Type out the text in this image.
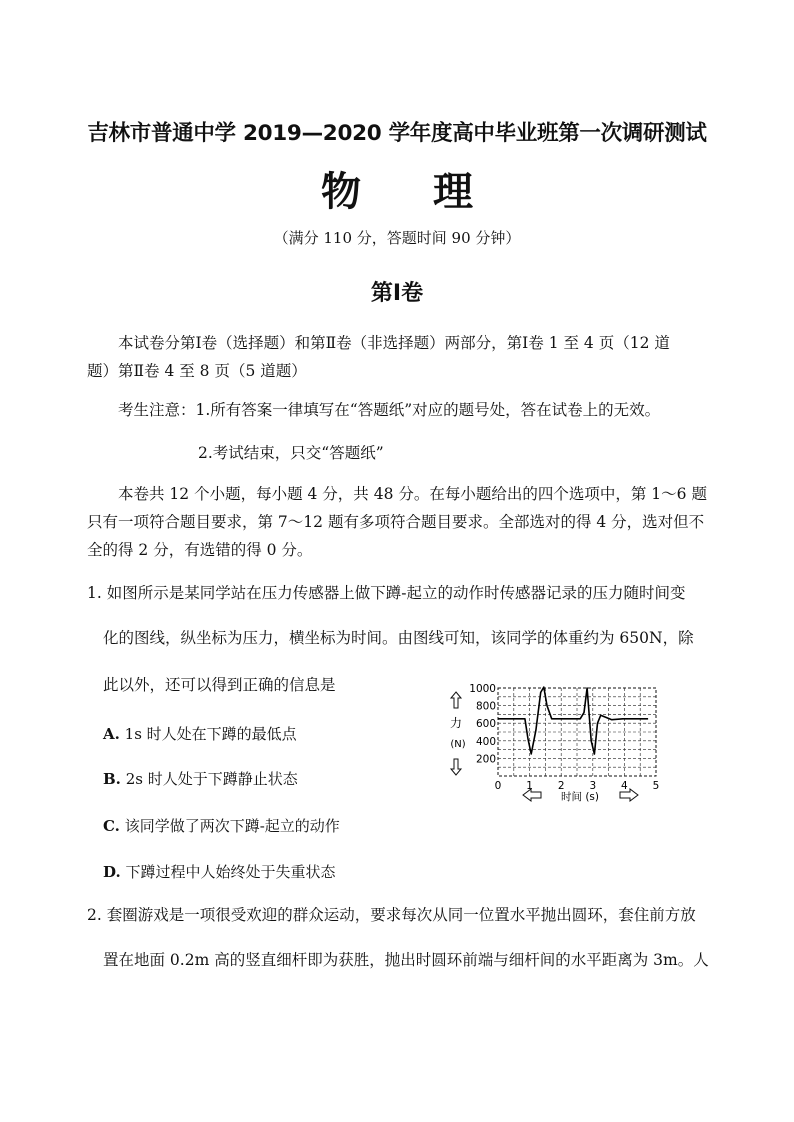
吉林市普通中学 2019—2020 学年度高中毕业班第一次调研测试
物 理
（满分 110 分，答题时间 90 分钟）
第Ⅰ卷
本试卷分第Ⅰ卷（选择题）和第Ⅱ卷（非选择题）两部分，第Ⅰ卷 1 至 4 页（12 道
题）第Ⅱ卷 4 至 8 页（5 道题）
考生注意：1.所有答案一律填写在“答题纸”对应的题号处，答在试卷上的无效。
2.考试结束，只交“答题纸”
本卷共 12 个小题，每小题 4 分，共 48 分。在每小题给出的四个选项中，第 1～6 题
只有一项符合题目要求，第 7～12 题有多项符合题目要求。全部选对的得 4 分，选对但不
全的得 2 分，有选错的得 0 分。
1. 如图所示是某同学站在压力传感器上做下蹲-起立的动作时传感器记录的压力随时间变
化的图线，纵坐标为压力，横坐标为时间。由图线可知，该同学的体重约为 650N，除
此以外，还可以得到正确的信息是
A. 1s 时人处在下蹲的最低点
B. 2s 时人处于下蹲静止状态
C. 该同学做了两次下蹲-起立的动作
D. 下蹲过程中人始终处于失重状态
1000
800
600
400
200
0 1 2 3 4 5
力
(N)
时间 (s)
2. 套圈游戏是一项很受欢迎的群众运动，要求每次从同一位置水平抛出圆环，套住前方放
置在地面 0.2m 高的竖直细杆即为获胜，抛出时圆环前端与细杆间的水平距离为 3m。人
